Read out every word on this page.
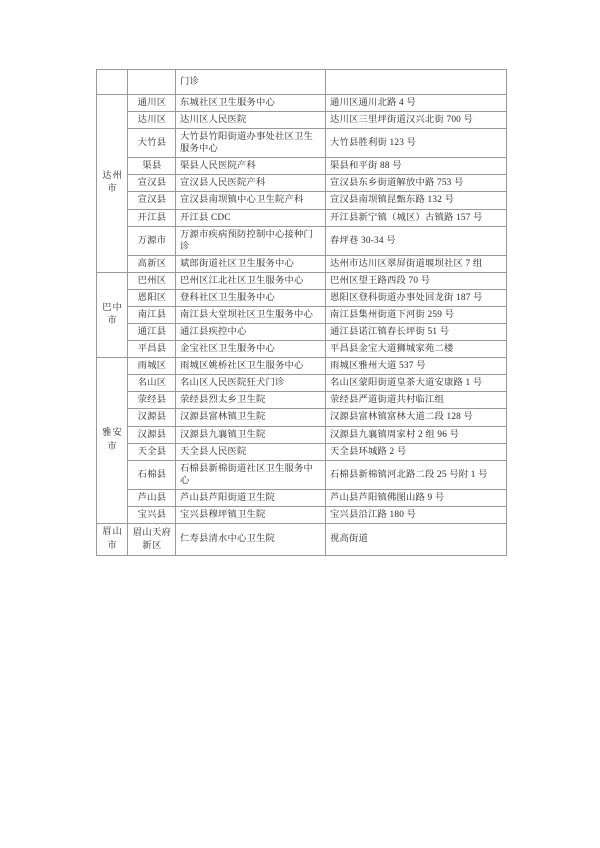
		门诊	
达州市	通川区	东城社区卫生服务中心	通川区通川北路 4 号
	达川区	达川区人民医院	达川区三里坪街道汉兴北街 700 号
	大竹县	大竹县竹阳街道办事处社区卫生服务中心	大竹县胜利街 123 号
	渠县	渠县人民医院产科	渠县和平街 88 号
	宣汉县	宣汉县人民医院产科	宣汉县东乡街道解放中路 753 号
	宣汉县	宣汉县南坝镇中心卫生院产科	宣汉县南坝镇昆甄东路 132 号
	开江县	开江县 CDC	开江县新宁镇（城区）古镇路 157 号
	万源市	万源市疾病预防控制中心接种门诊	春坪巷 30-34 号
	高新区	斌郎街道社区卫生服务中心	达州市达川区翠屏街道堰坝社区 7 组
巴中市	巴州区	巴州区江北社区卫生服务中心	巴州区望王路西段 70 号
	恩阳区	登科社区卫生服务中心	恩阳区登科街道办事处回龙街 187 号
	南江县	南江县大堂坝社区卫生服务中心	南江县集州街道下河街 259 号
	通江县	通江县疾控中心	通江县诺江镇春长坪街 51 号
	平昌县	金宝社区卫生服务中心	平昌县金宝大道狮城家苑二楼
雅安市	雨城区	雨城区姚桥社区卫生服务中心	雨城区雅州大道 537 号
	名山区	名山区人民医院狂犬门诊	名山区蒙阳街道皇茶大道安康路 1 号
	荥经县	荥经县烈太乡卫生院	荥经县严道街道共村临江组
	汉源县	汉源县富林镇卫生院	汉源县富林镇富林大道二段 128 号
	汉源县	汉源县九襄镇卫生院	汉源县九襄镇周家村 2 组 96 号
	天全县	天全县人民医院	天全县环城路 2 号
	石棉县	石棉县新棉街道社区卫生服务中心	石棉县新棉镇河北路二段 25 号附 1 号
	芦山县	芦山县芦阳街道卫生院	芦山县芦阳镇佛图山路 9 号
	宝兴县	宝兴县穆坪镇卫生院	宝兴县沿江路 180 号
眉山市	眉山天府新区	仁寿县清水中心卫生院	视高街道
